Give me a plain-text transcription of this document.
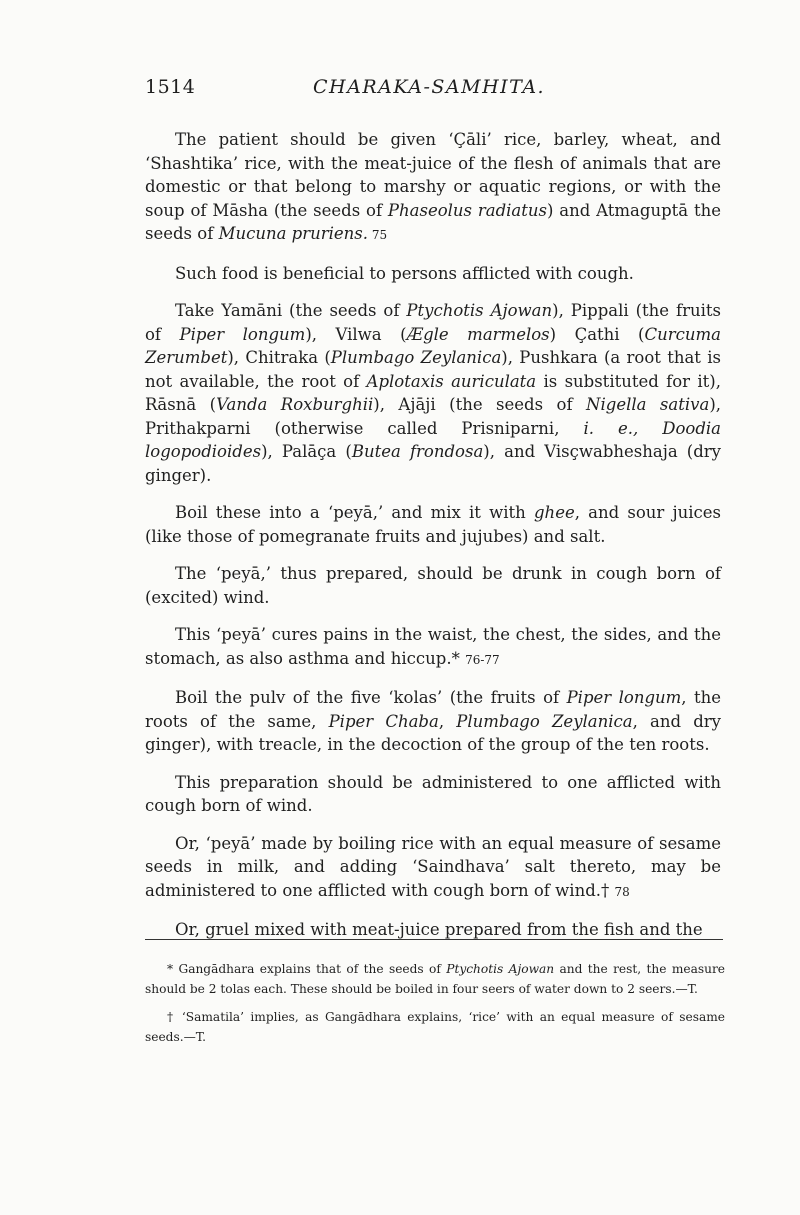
1514	CHARAKA-SAMHITA.

The patient should be given ‘Çāli’ rice, barley, wheat, and ‘Shashtika’ rice, with the meat-juice of the flesh of animals that are domestic or that belong to marshy or aquatic regions, or with the soup of Māsha (the seeds of Phaseolus radiatus) and Atmaguptā the seeds of Mucuna pruriens. 75

Such food is beneficial to persons afflicted with cough.

Take Yamāni (the seeds of Ptychotis Ajowan), Pippali (the fruits of Piper longum), Vilwa (Ægle marmelos) Çathi (Curcuma Zerumbet), Chitraka (Plumbago Zeylanica), Pushkara (a root that is not available, the root of Aplotaxis auriculata is substituted for it), Rāsnā (Vanda Roxburghii), Ajāji (the seeds of Nigella sativa), Prithakparni (otherwise called Prisniparni, i. e., Doodia logopodioides), Palāça (Butea frondosa), and Visçwabheshaja (dry ginger).

Boil these into a ‘peyā,’ and mix it with ghee, and sour juices (like those of pomegranate fruits and jujubes) and salt.

The ‘peyā,’ thus prepared, should be drunk in cough born of (excited) wind.

This ‘peyā’ cures pains in the waist, the chest, the sides, and the stomach, as also asthma and hiccup.* 76-77

Boil the pulv of the five ‘kolas’ (the fruits of Piper longum, the roots of the same, Piper Chaba, Plumbago Zeylanica, and dry ginger), with treacle, in the decoction of the group of the ten roots.

This preparation should be administered to one afflicted with cough born of wind.

Or, ‘peyā’ made by boiling rice with an equal measure of sesame seeds in milk, and adding ‘Saindhava’ salt thereto, may be administered to one afflicted with cough born of wind.† 78

Or, gruel mixed with meat-juice prepared from the fish and the

* Gangādhara explains that of the seeds of Ptychotis Ajowan and the rest, the measure should be 2 tolas each. These should be boiled in four seers of water down to 2 seers.—T.

† ‘Samatila’ implies, as Gangādhara explains, ‘rice’ with an equal measure of sesame seeds.—T.
